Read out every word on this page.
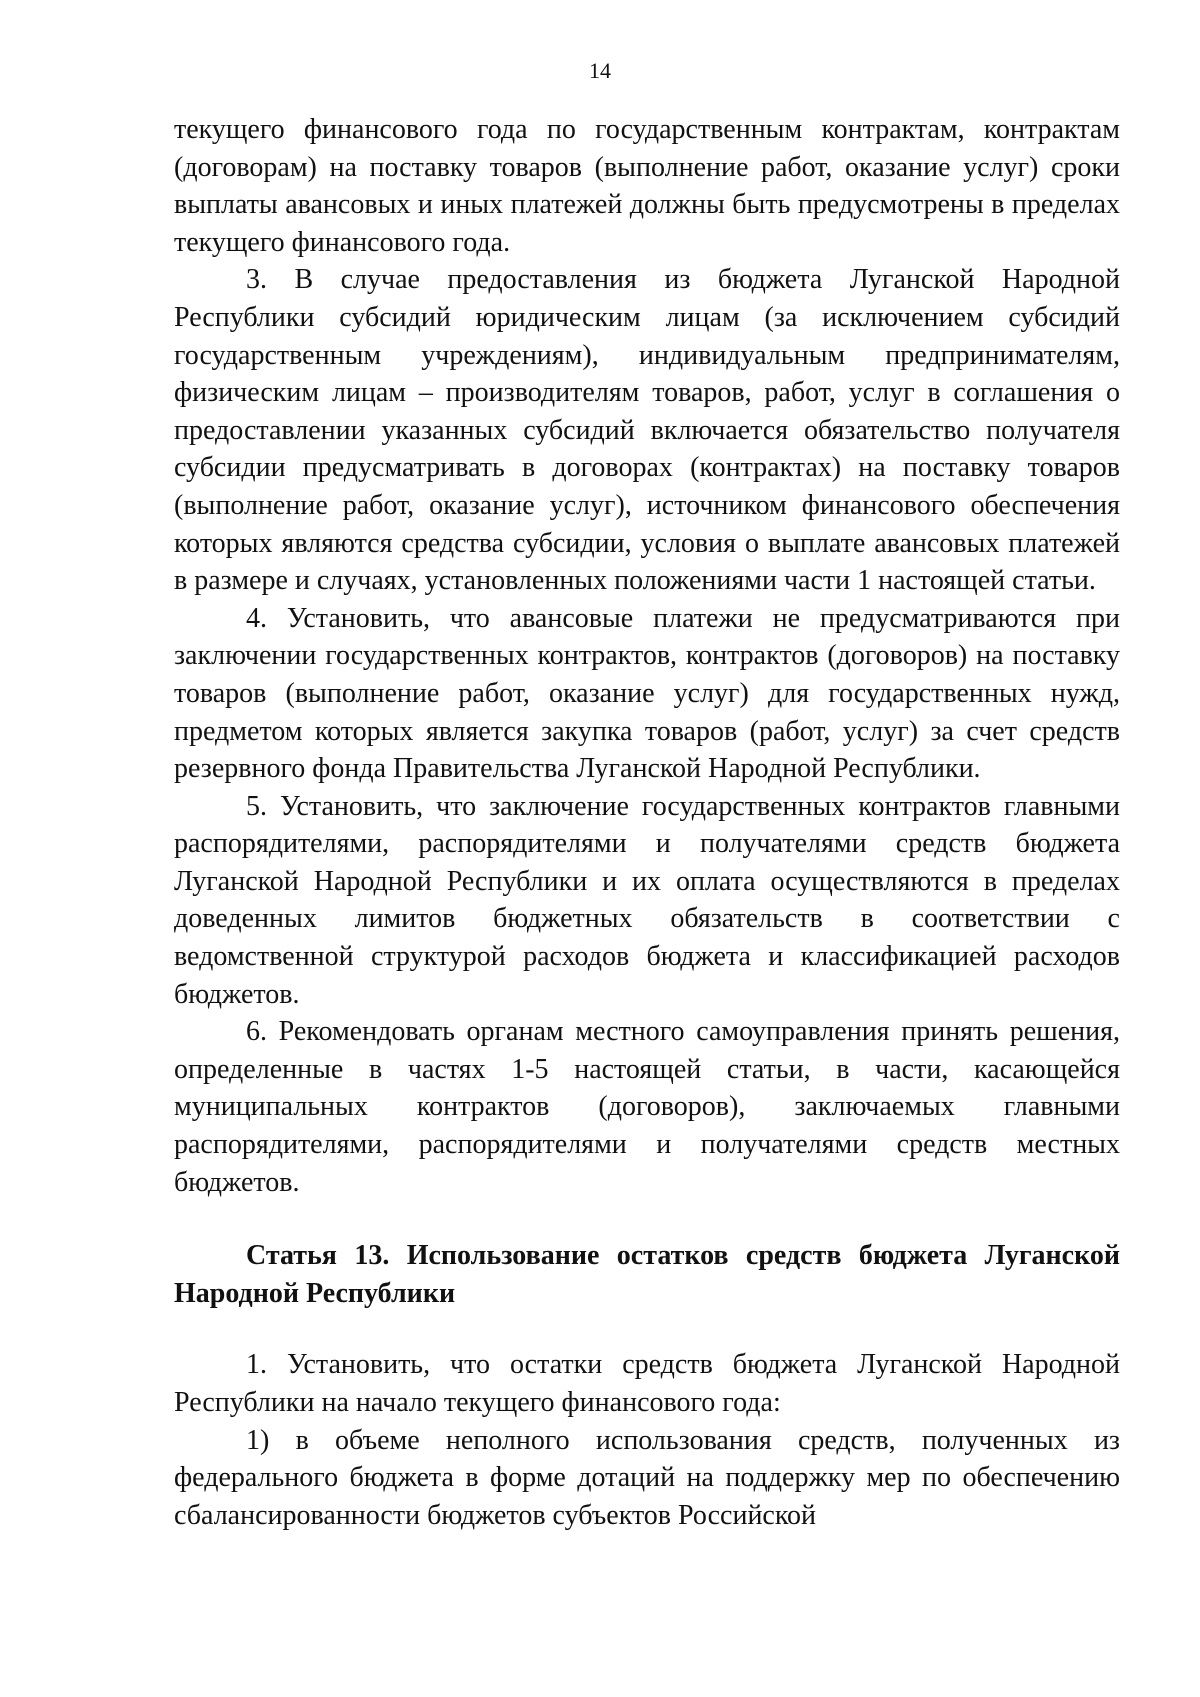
14

текущего финансового года по государственным контрактам, контрактам (договорам) на поставку товаров (выполнение работ, оказание услуг) сроки выплаты авансовых и иных платежей должны быть предусмотрены в пределах текущего финансового года.

3. В случае предоставления из бюджета Луганской Народной Республики субсидий юридическим лицам (за исключением субсидий государственным учреждениям), индивидуальным предпринимателям, физическим лицам – производителям товаров, работ, услуг в соглашения о предоставлении указанных субсидий включается обязательство получателя субсидии предусматривать в договорах (контрактах) на поставку товаров (выполнение работ, оказание услуг), источником финансового обеспечения которых являются средства субсидии, условия о выплате авансовых платежей в размере и случаях, установленных положениями части 1 настоящей статьи.

4. Установить, что авансовые платежи не предусматриваются при заключении государственных контрактов, контрактов (договоров) на поставку товаров (выполнение работ, оказание услуг) для государственных нужд, предметом которых является закупка товаров (работ, услуг) за счет средств резервного фонда Правительства Луганской Народной Республики.

5. Установить, что заключение государственных контрактов главными распорядителями, распорядителями и получателями средств бюджета Луганской Народной Республики и их оплата осуществляются в пределах доведенных лимитов бюджетных обязательств в соответствии с ведомственной структурой расходов бюджета и классификацией расходов бюджетов.

6. Рекомендовать органам местного самоуправления принять решения, определенные в частях 1-5 настоящей статьи, в части, касающейся муниципальных контрактов (договоров), заключаемых главными распорядителями, распорядителями и получателями средств местных бюджетов.

Статья 13. Использование остатков средств бюджета Луганской Народной Республики

1. Установить, что остатки средств бюджета Луганской Народной Республики на начало текущего финансового года:

1) в объеме неполного использования средств, полученных из федерального бюджета в форме дотаций на поддержку мер по обеспечению сбалансированности бюджетов субъектов Российской
